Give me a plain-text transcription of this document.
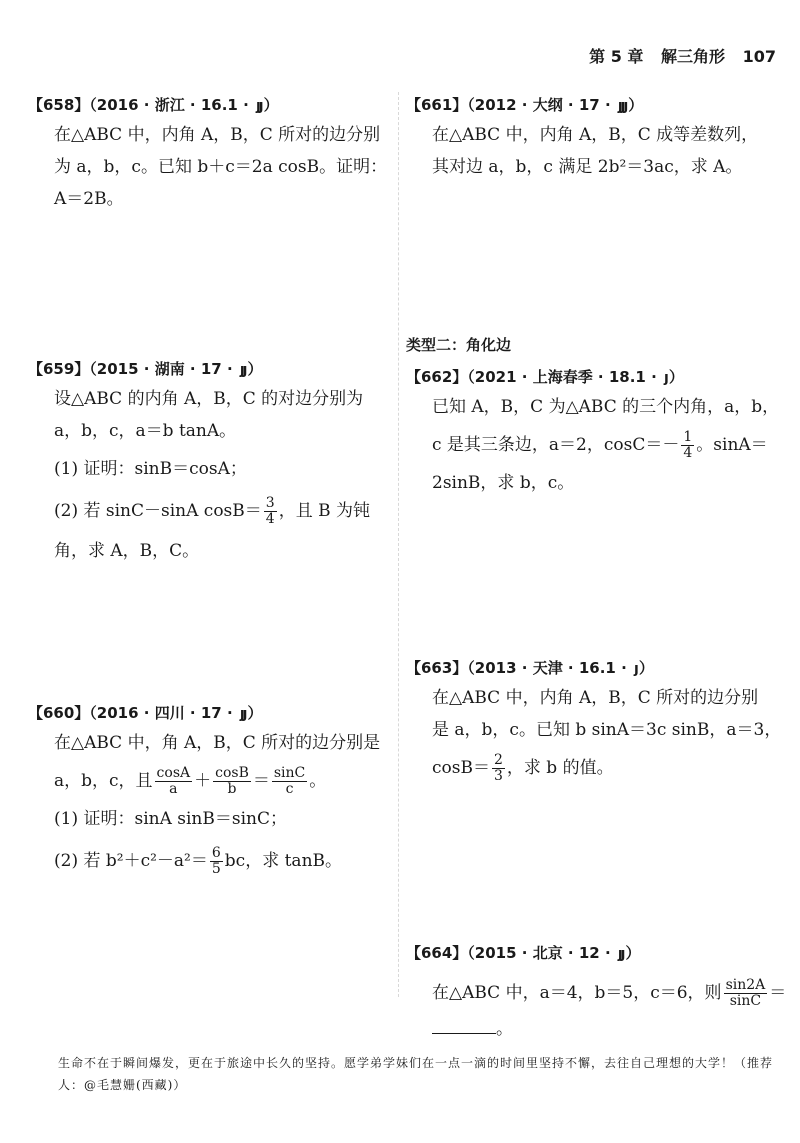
第 5 章 解三角形 107
【658】（2016 · 浙江 · 16.1 · ȷȷ ）
在△ABC 中，内角 A，B，C 所对的边分别
为 a，b，c。已知 b＋c＝2a cosB。证明：
A＝2B。
【659】（2015 · 湖南 · 17 · ȷȷ ）
设△ABC 的内角 A，B，C 的对边分别为
a，b，c，a＝b tanA。
(1) 证明：sinB＝cosA；
(2) 若 sinC－sinA $\cos B= \frac{3}{4}$ ，且 B 为钝
角，求 A，B，C。
【660】（2016 · 四川 · 17 · ȷȷ ）
在△ABC 中，角 A，B，C 所对的边分别是
a，b，c，且 $\frac{\cos A}{a} + \frac{\cos B}{b} = \frac{\sin C}{c}$ 。
(1) 证明：sinA sinB＝sinC；
(2) 若 $b^2+c^2-a^2= \frac{6}{5}$ bc，求 tanB。
【661】（2012 · 大纲 · 17 · ȷȷȷ ）
在△ABC 中，内角 A，B，C 成等差数列，
其对边 a，b，c 满足 2b²＝3ac，求 A。
类型二：角化边
【662】（2021 · 上海春季 · 18.1 · ȷ ）
已知 A，B，C 为△ABC 的三个内角，a，b，
c 是其三条边，a＝2，$\cos C=- \frac{1}{4}$ 。sinA＝
2sinB，求 b，c。
【663】（2013 · 天津 · 16.1 · ȷ ）
在△ABC 中，内角 A，B，C 所对的边分别
是 a，b，c。已知 b sinA＝3c sinB，a＝3，
$\cos B= \frac{2}{3}$ ，求 b 的值。
【664】（2015 · 北京 · 12 · ȷȷ ）
在△ABC 中，a＝4，b＝5，c＝6，则 $\frac{\sin 2A}{\sin C}$ ＝
。
生命不在于瞬间爆发，更在于旅途中长久的坚持。愿学弟学妹们在一点一滴的时间里坚持不懈，去往自己理想的大学！（推荐人：@毛慧姗(西藏)）
